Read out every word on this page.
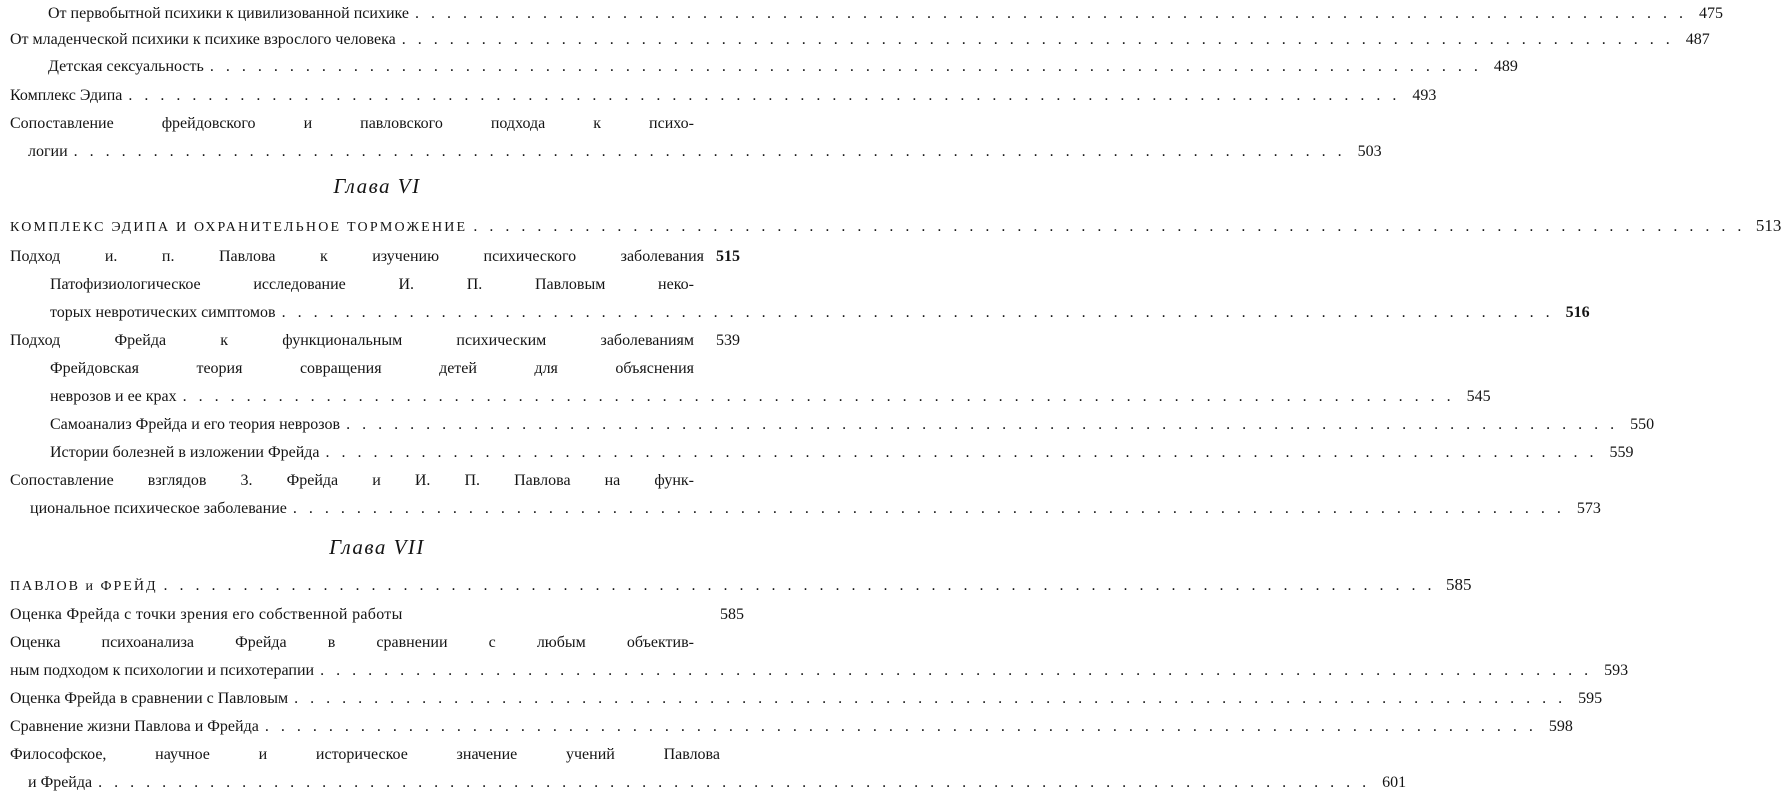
От первобытной психики к цивилизованной психике . . .	475
От младенческой психики к психике взрослого человека . . .	487
Детская сексуальность . . .	489
Комплекс Эдипа . . .	493
Сопоставление фрейдовского и павловского подхода к психо-
логии . . .	503
Глава VI
КОМПЛЕКС ЭДИПА И ОХРАНИТЕЛЬНОЕ ТОРМОЖЕНИЕ . . .	513
Подход и. п. Павлова к изучению психического заболевания 515
Патофизиологическое исследование И. П. Павловым неко-
торых невротических симптомов . . .	516
Подход Фрейда к функциональным психическим заболеваниям	539
Фрейдовская теория совращения детей для объяснения
неврозов и ее крах . . .	545
Самоанализ Фрейда и его теория неврозов . . .	550
Истории болезней в изложении Фрейда . . .	559
Сопоставление взглядов 3. Фрейда и И. П. Павлова на функ-
циональное психическое заболевание . . .	573
Глава VII
ПАВЛОВ и ФРЕЙД . . .	585
Оценка Фрейда с точки зрения его собственной работы	585
Оценка психоанализа Фрейда в сравнении с любым объектив-
ным подходом к психологии и психотерапии . . .	593
Оценка Фрейда в сравнении с Павловым . . .	595
Сравнение жизни Павлова и Фрейда . . .	598
Философское, научное и историческое значение учений Павлова
и Фрейда . . .	601
